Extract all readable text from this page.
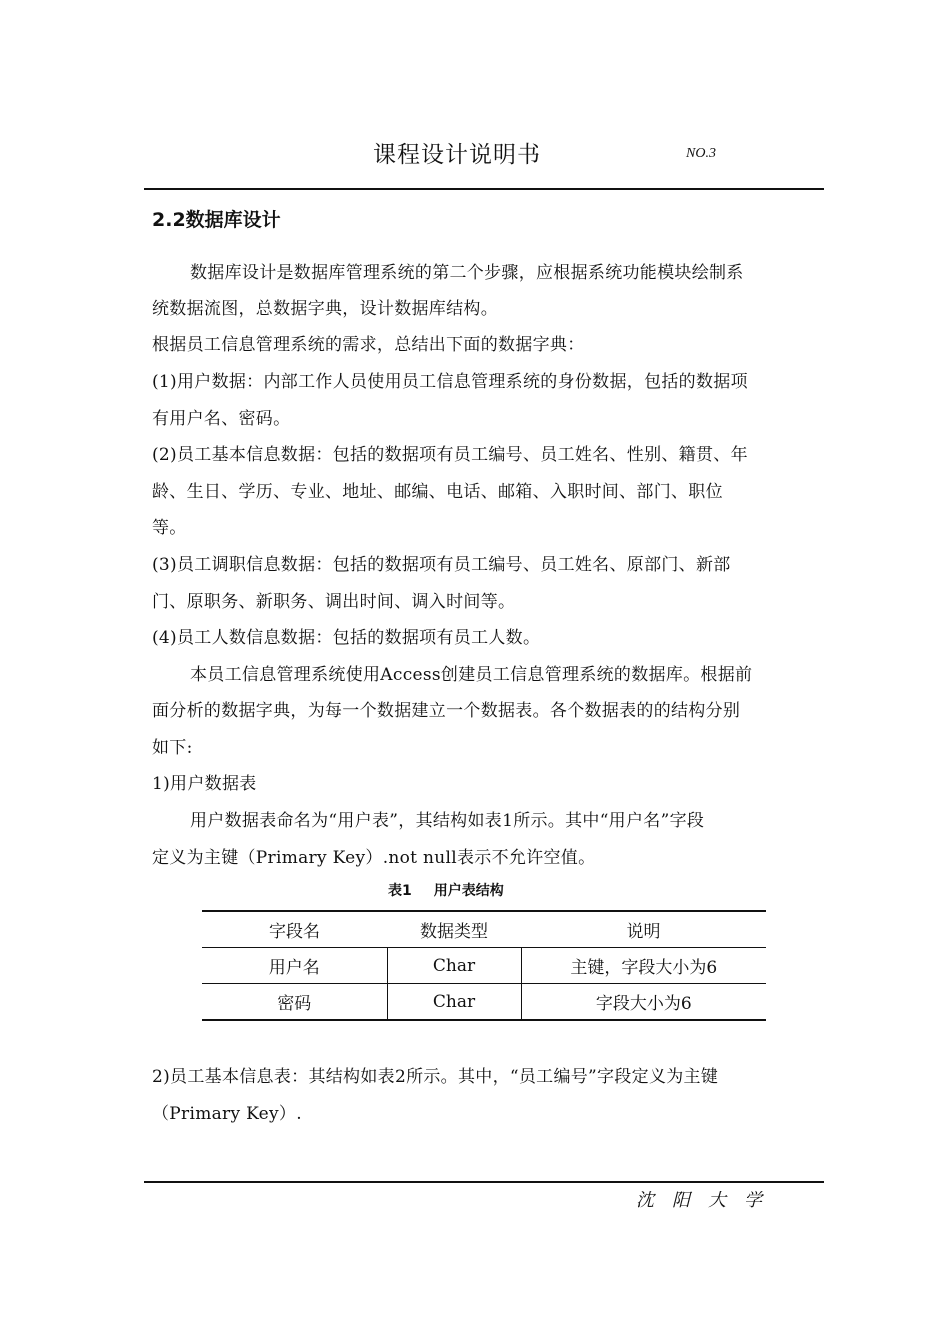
课程设计说明书	NO.3
2.2数据库设计
数据库设计是数据库管理系统的第二个步骤，应根据系统功能模块绘制系
统数据流图，总数据字典，设计数据库结构。
根据员工信息管理系统的需求，总结出下面的数据字典：
(1)用户数据：内部工作人员使用员工信息管理系统的身份数据，包括的数据项
有用户名、密码。
(2)员工基本信息数据：包括的数据项有员工编号、员工姓名、性别、籍贯、年
龄、生日、学历、专业、地址、邮编、电话、邮箱、入职时间、部门、职位
等。
(3)员工调职信息数据：包括的数据项有员工编号、员工姓名、原部门、新部
门、原职务、新职务、调出时间、调入时间等。
(4)员工人数信息数据：包括的数据项有员工人数。
本员工信息管理系统使用Access创建员工信息管理系统的数据库。根据前
面分析的数据字典，为每一个数据建立一个数据表。各个数据表的的结构分别
如下:
1)用户数据表
用户数据表命名为“用户表”，其结构如表1所示。其中“用户名”字段
定义为主键（Primary Key）.not null表示不允许空值。
表1 用户表结构
字段名	数据类型	说明
用户名	Char	主键，字段大小为6
密码	Char	字段大小为6
2)员工基本信息表：其结构如表2所示。其中，“员工编号”字段定义为主键
（Primary Key）.
沈阳大学
